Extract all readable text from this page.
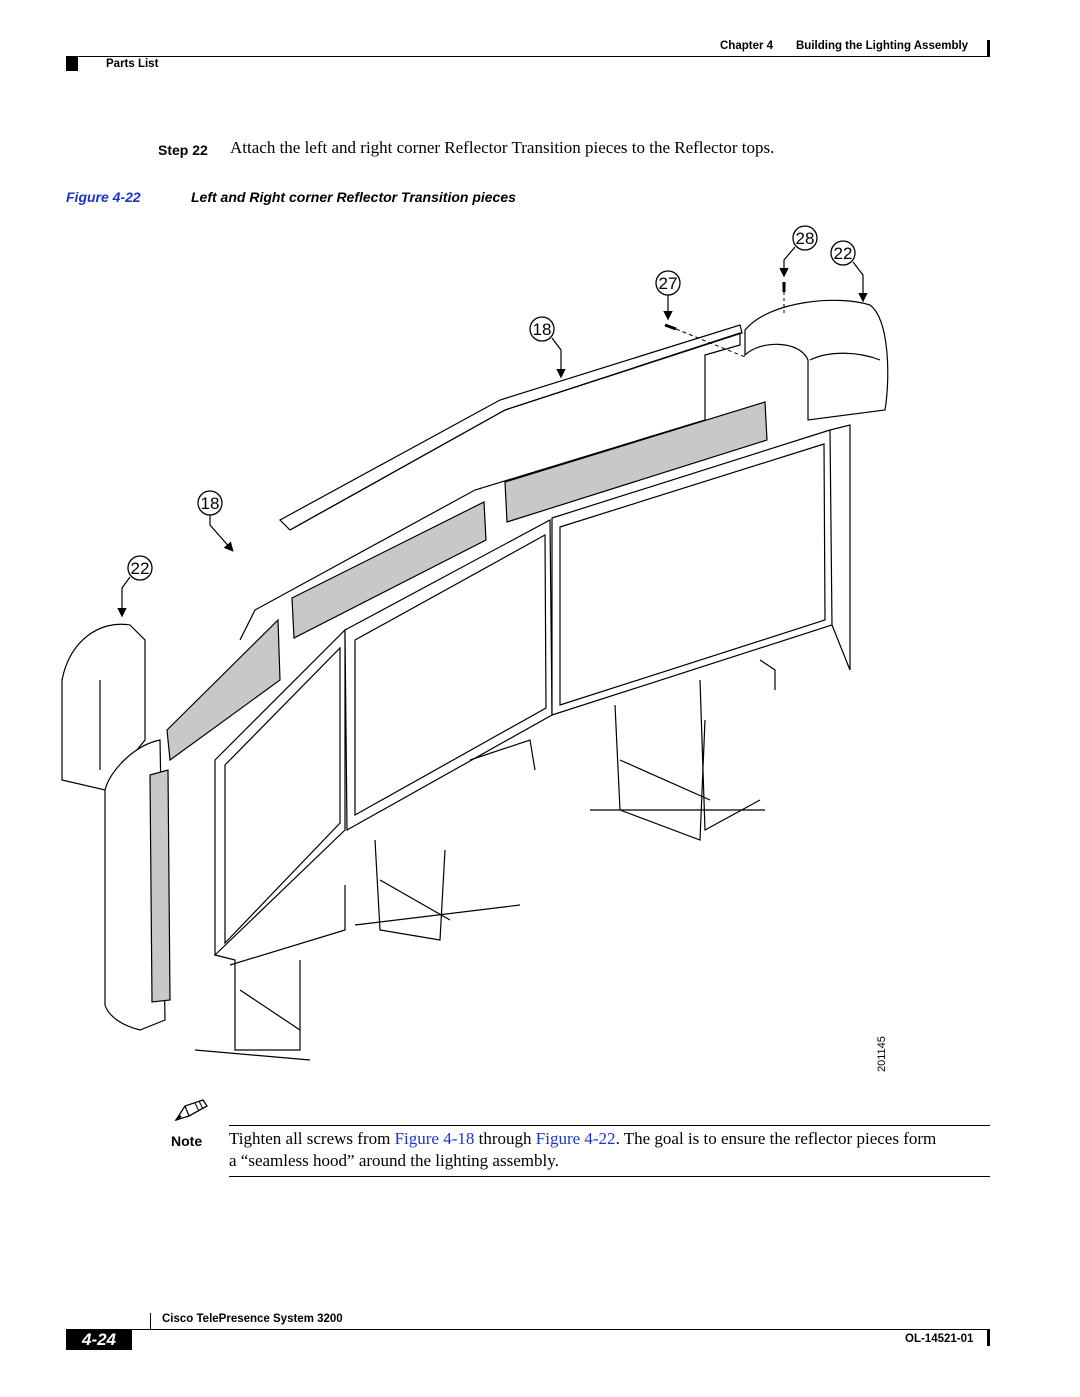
Chapter 4 Building the Lighting Assembly
Parts List
Step 22 Attach the left and right corner Reflector Transition pieces to the Reflector tops.
Figure 4-22	Left and Right corner Reflector Transition pieces
28
22
27
18
18
22
201145
Note Tighten all screws from Figure 4-18 through Figure 4-22. The goal is to ensure the reflector pieces form
a “seamless hood” around the lighting assembly.
Cisco TelePresence System 3200
4-24	OL-14521-01
